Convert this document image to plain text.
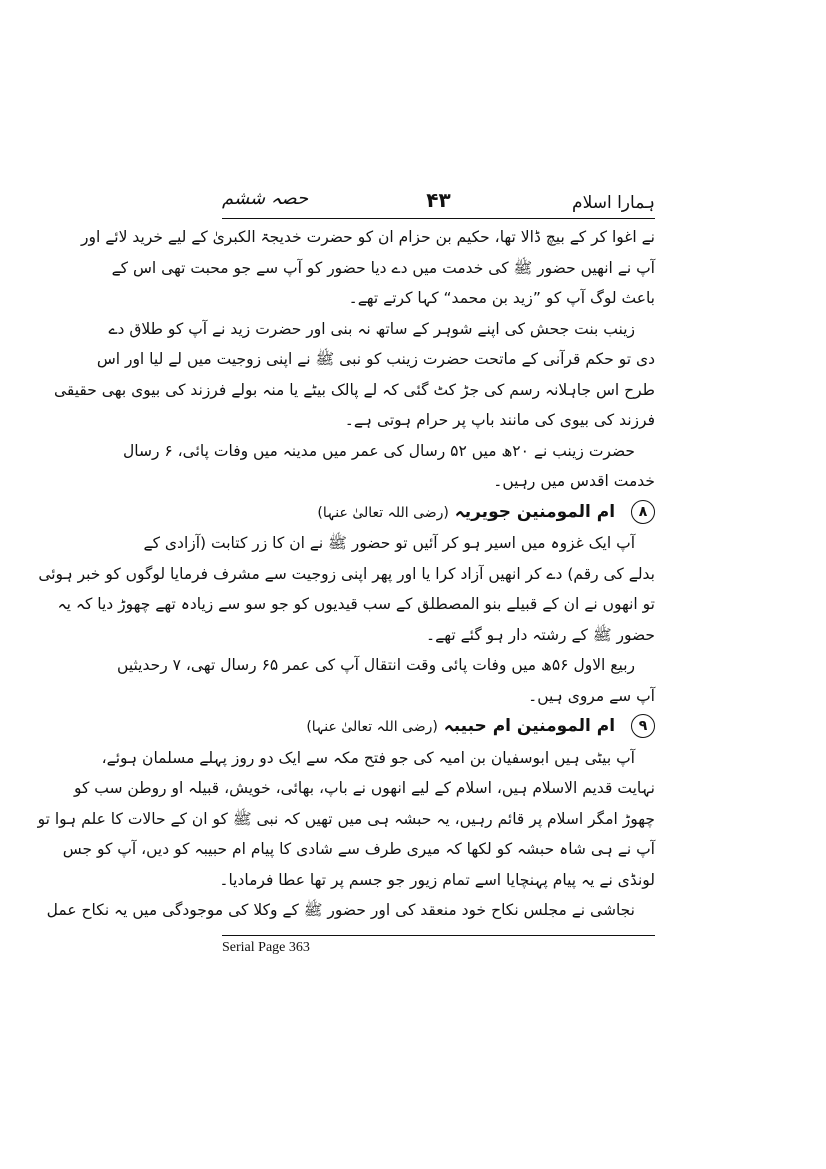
ہمارا اسلام
۴۳
حصہ ششم
نے اغوا کر کے بیچ ڈالا تھا، حکیم بن حزام ان کو حضرت خدیجۃ الکبریٰ کے لیے خرید لائے اور
آپ نے انھیں حضور ﷺ کی خدمت میں دے دیا حضور کو آپ سے جو محبت تھی اس کے
باعث لوگ آپ کو ”زید بن محمد“ کہا کرتے تھے۔
زینب بنت جحش کی اپنے شوہر کے ساتھ نہ بنی اور حضرت زید نے آپ کو طلاق دے
دی تو حکم قرآنی کے ماتحت حضرت زینب کو نبی ﷺ نے اپنی زوجیت میں لے لیا اور اس
طرح اس جاہلانہ رسم کی جڑ کٹ گئی کہ لے پالک بیٹے یا منہ بولے فرزند کی بیوی بھی حقیقی
فرزند کی بیوی کی مانند باپ پر حرام ہوتی ہے۔
حضرت زینب نے ۲۰ھ میں ۵۲ رسال کی عمر میں مدینہ میں وفات پائی، ۶ رسال
خدمت اقدس میں رہیں۔
۸ ام المومنین جویریہ (رضی اللہ تعالیٰ عنہا)
آپ ایک غزوہ میں اسیر ہو کر آئیں تو حضور ﷺ نے ان کا زر کتابت (آزادی کے
بدلے کی رقم) دے کر انھیں آزاد کرا یا اور پھر اپنی زوجیت سے مشرف فرمایا لوگوں کو خبر ہوئی
تو انھوں نے ان کے قبیلے بنو المصطلق کے سب قیدیوں کو جو سو سے زیادہ تھے چھوڑ دیا کہ یہ
حضور ﷺ کے رشتہ دار ہو گئے تھے۔
ربیع الاول ۵۶ھ میں وفات پائی وقت انتقال آپ کی عمر ۶۵ رسال تھی، ۷ رحدیثیں
آپ سے مروی ہیں۔
۹ ام المومنین ام حبیبہ (رضی اللہ تعالیٰ عنہا)
آپ بیٹی ہیں ابوسفیان بن امیہ کی جو فتح مکہ سے ایک دو روز پہلے مسلمان ہوئے،
نہایت قدیم الاسلام ہیں، اسلام کے لیے انھوں نے باپ، بھائی، خویش، قبیلہ او روطن سب کو
چھوڑ امگر اسلام پر قائم رہیں، یہ حبشہ ہی میں تھیں کہ نبی ﷺ کو ان کے حالات کا علم ہوا تو
آپ نے ہی شاہ حبشہ کو لکھا کہ میری طرف سے شادی کا پیام ام حبیبہ کو دیں، آپ کو جس
لونڈی نے یہ پیام پہنچایا اسے تمام زیور جو جسم پر تھا عطا فرمادیا۔
نجاشی نے مجلس نکاح خود منعقد کی اور حضور ﷺ کے وکلا کی موجودگی میں یہ نکاح عمل
Serial Page 363
